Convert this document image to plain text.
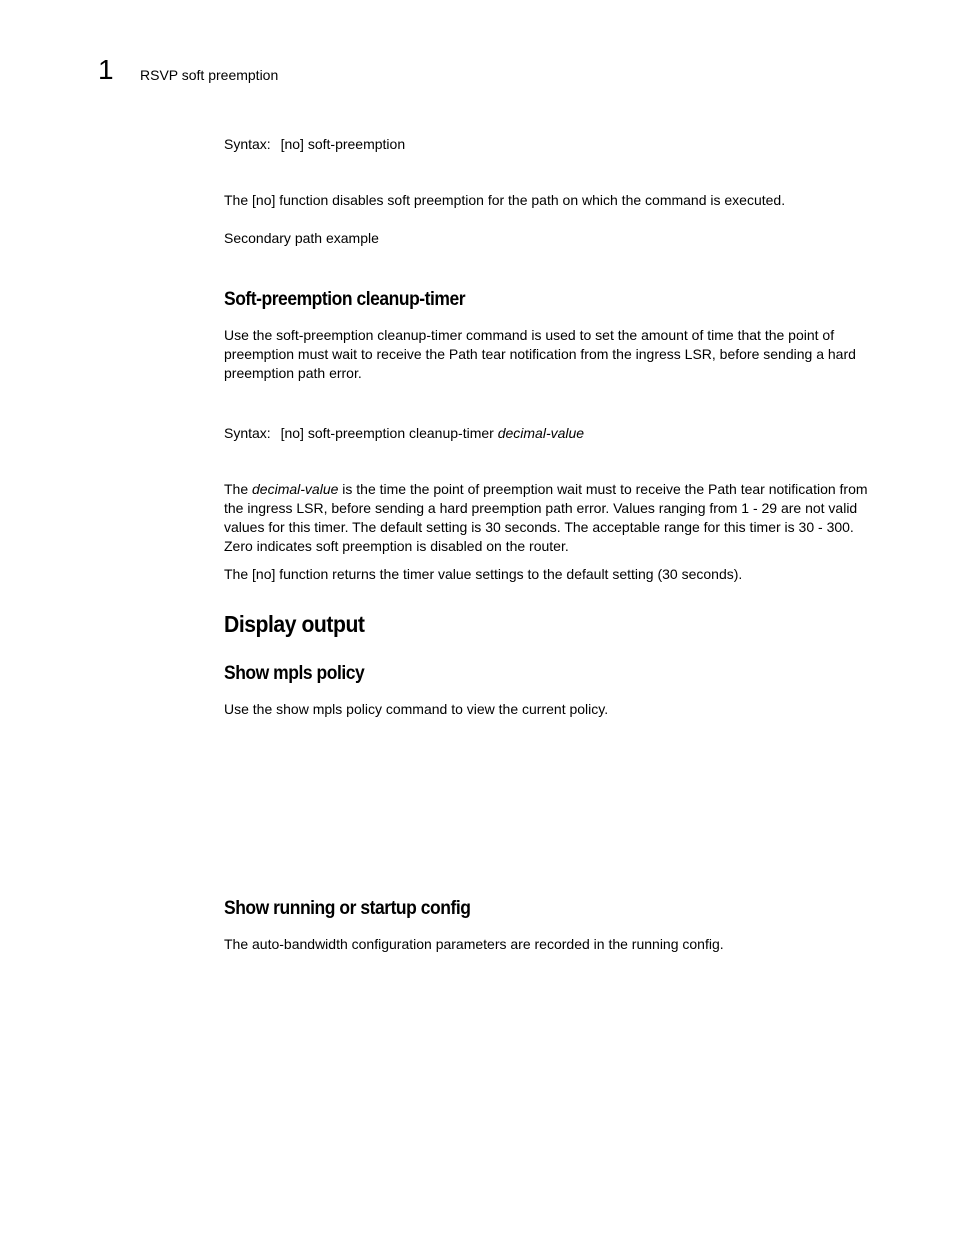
1 RSVP soft preemption

Syntax: [no] soft-preemption

The [no] function disables soft preemption for the path on which the command is executed.

Secondary path example

Soft-preemption cleanup-timer

Use the soft-preemption cleanup-timer command is used to set the amount of time that the point of preemption must wait to receive the Path tear notification from the ingress LSR, before sending a hard preemption path error.

Syntax: [no] soft-preemption cleanup-timer decimal-value

The decimal-value is the time the point of preemption wait must to receive the Path tear notification from the ingress LSR, before sending a hard preemption path error. Values ranging from 1 - 29 are not valid values for this timer. The default setting is 30 seconds. The acceptable range for this timer is 30 - 300. Zero indicates soft preemption is disabled on the router.

The [no] function returns the timer value settings to the default setting (30 seconds).

Display output
Show mpls policy

Use the show mpls policy command to view the current policy.

Show running or startup config

The auto-bandwidth configuration parameters are recorded in the running config.
